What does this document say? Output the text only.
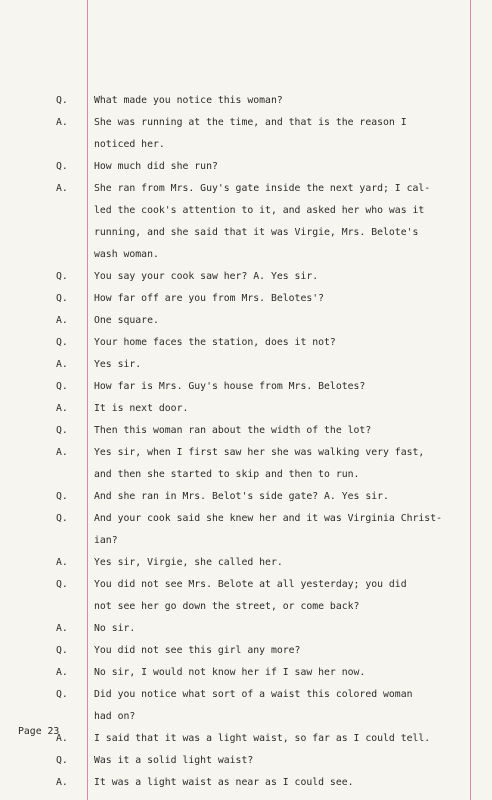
Q.	What made you notice this woman?
A.	She was running at the time, and that is the reason I
noticed her.
Q.	How much did she run?
A.	She ran from Mrs. Guy's gate inside the next yard; I cal-
led the cook's attention to it, and asked her who was it
running, and she said that it was Virgie, Mrs. Belote's
wash woman.
Q.	You say your cook saw her? A. Yes sir.
Q.	How far off are you from Mrs. Belotes'?
A.	One square.
Q.	Your home faces the station, does it not?
A.	Yes sir.
Q.	How far is Mrs. Guy's house from Mrs. Belotes?
A.	It is next door.
Q.	Then this woman ran about the width of the lot?
A.	Yes sir, when I first saw her she was walking very fast,
and then she started to skip and then to run.
Q.	And she ran in Mrs. Belot's side gate? A. Yes sir.
Q.	And your cook said she knew her and it was Virginia Christ-
ian?
A.	Yes sir, Virgie, she called her.
Q.	You did not see Mrs. Belote at all yesterday; you did
not see her go down the street, or come back?
A.	No sir.
Q.	You did not see this girl any more?
A.	No sir, I would not know her if I saw her now.
Q.	Did you notice what sort of a waist this colored woman
had on?
A.	I said that it was a light waist, so far as I could tell.
Q.	Was it a solid light waist?
A.	It was a light waist as near as I could see.
Page 23
